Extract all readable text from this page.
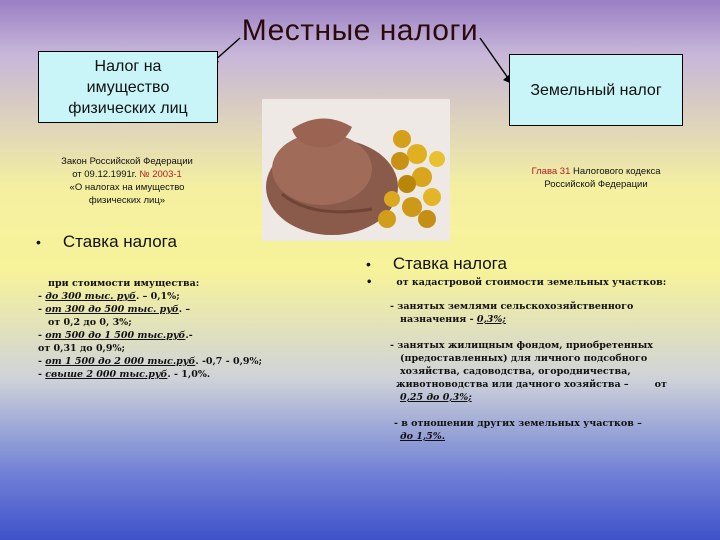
Местные налоги
Налог на
имуществo
физических лиц
Земельный налог
Закон Российской Федерации
от 09.12.1991г. № 2003-1
«О налогах на имущество
физических лиц»
Глава 31 Налогового кодекса
Российской Федерации
• Ставка налога
• Ставка налога
при стоимости имущества:
- до 300 тыс. руб. – 0,1%;
- от 300 до 500 тыс. руб. –
от 0,2 до 0, 3%;
- от 500 до 1 500 тыс.руб.-
от 0,31 до 0,9%;
- от 1 500 до 2 000 тыс.руб. -0,7 - 0,9%;
- свыше 2 000 тыс.руб. - 1,0%.
•	от кадастровой стоимости земельных участков:
- занятых землями сельскохозяйственного
назначения - 0,3%;
- занятых жилищным фондом, приобретенных
(предоставленных) для личного подсобного
хозяйства, садоводства, огородничества,
животноводства или дачного хозяйства –	от
0,25 до 0,3%;
- в отношении других земельных участков –
до 1,5%.
